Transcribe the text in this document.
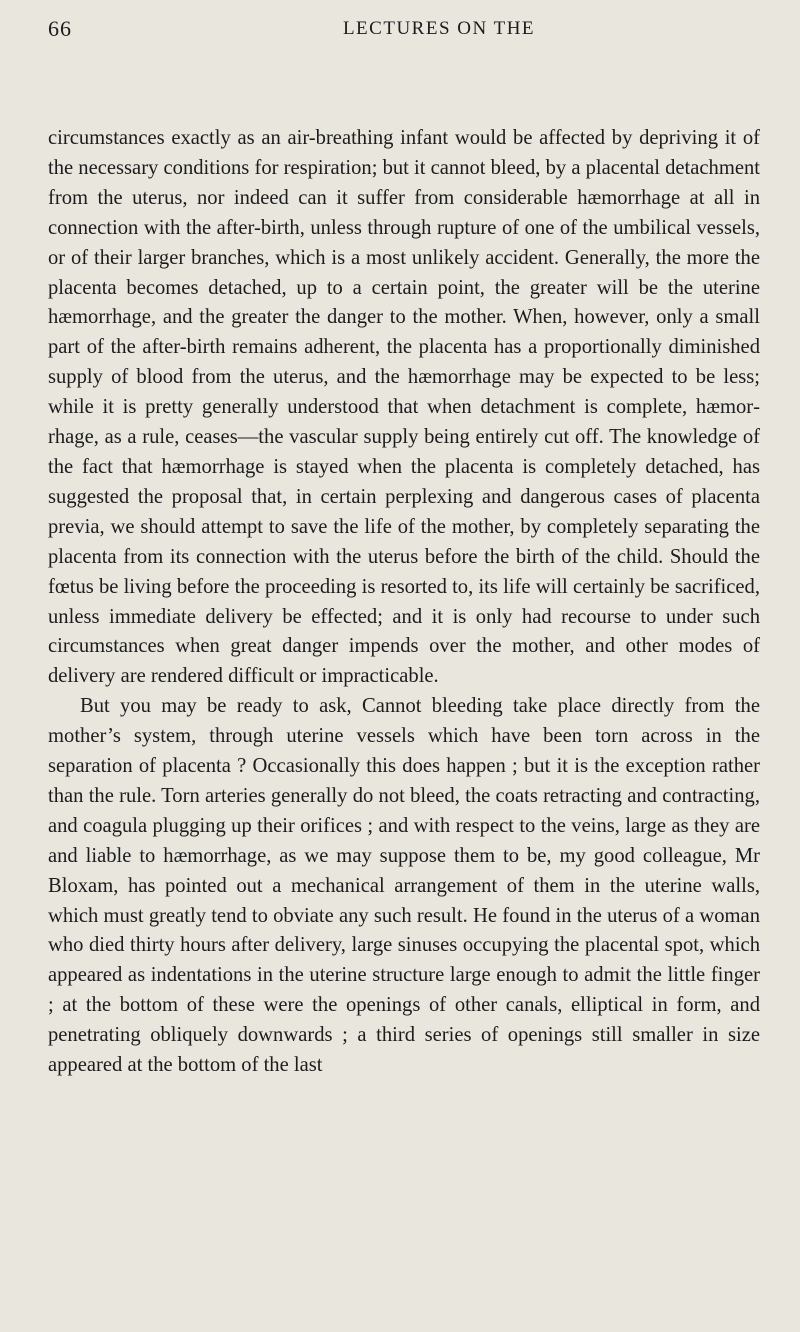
66	LECTURES ON THE

circumstances exactly as an air-breathing infant would be affected by depriving it of the necessary conditions for respiration; but it cannot bleed, by a placental detachment from the uterus, nor indeed can it suffer from considerable hæmorrhage at all in connection with the after-birth, unless through rupture of one of the umbilical vessels, or of their larger branches, which is a most unlikely accident. Generally, the more the placenta becomes detached, up to a certain point, the greater will be the uterine hæmorrhage, and the greater the danger to the mother. When, however, only a small part of the after-birth remains adherent, the placenta has a proportionally diminished supply of blood from the uterus, and the hæmorrhage may be expected to be less; while it is pretty generally understood that when detachment is complete, hæmorrhage, as a rule, ceases—the vascular supply being entirely cut off. The knowledge of the fact that hæmorrhage is stayed when the placenta is completely detached, has suggested the proposal that, in certain perplexing and dangerous cases of placenta previa, we should attempt to save the life of the mother, by completely separating the placenta from its connection with the uterus before the birth of the child. Should the fœtus be living before the proceeding is resorted to, its life will certainly be sacrificed, unless immediate delivery be effected; and it is only had recourse to under such circumstances when great danger impends over the mother, and other modes of delivery are rendered difficult or impracticable.

But you may be ready to ask, Cannot bleeding take place directly from the mother’s system, through uterine vessels which have been torn across in the separation of placenta ? Occasionally this does happen ; but it is the exception rather than the rule. Torn arteries generally do not bleed, the coats retracting and contracting, and coagula plugging up their orifices ; and with respect to the veins, large as they are and liable to hæmorrhage, as we may suppose them to be, my good colleague, Mr Bloxam, has pointed out a mechanical arrangement of them in the uterine walls, which must greatly tend to obviate any such result. He found in the uterus of a woman who died thirty hours after delivery, large sinuses occupying the placental spot, which appeared as indentations in the uterine structure large enough to admit the little finger ; at the bottom of these were the openings of other canals, elliptical in form, and penetrating obliquely downwards ; a third series of openings still smaller in size appeared at the bottom of the last
